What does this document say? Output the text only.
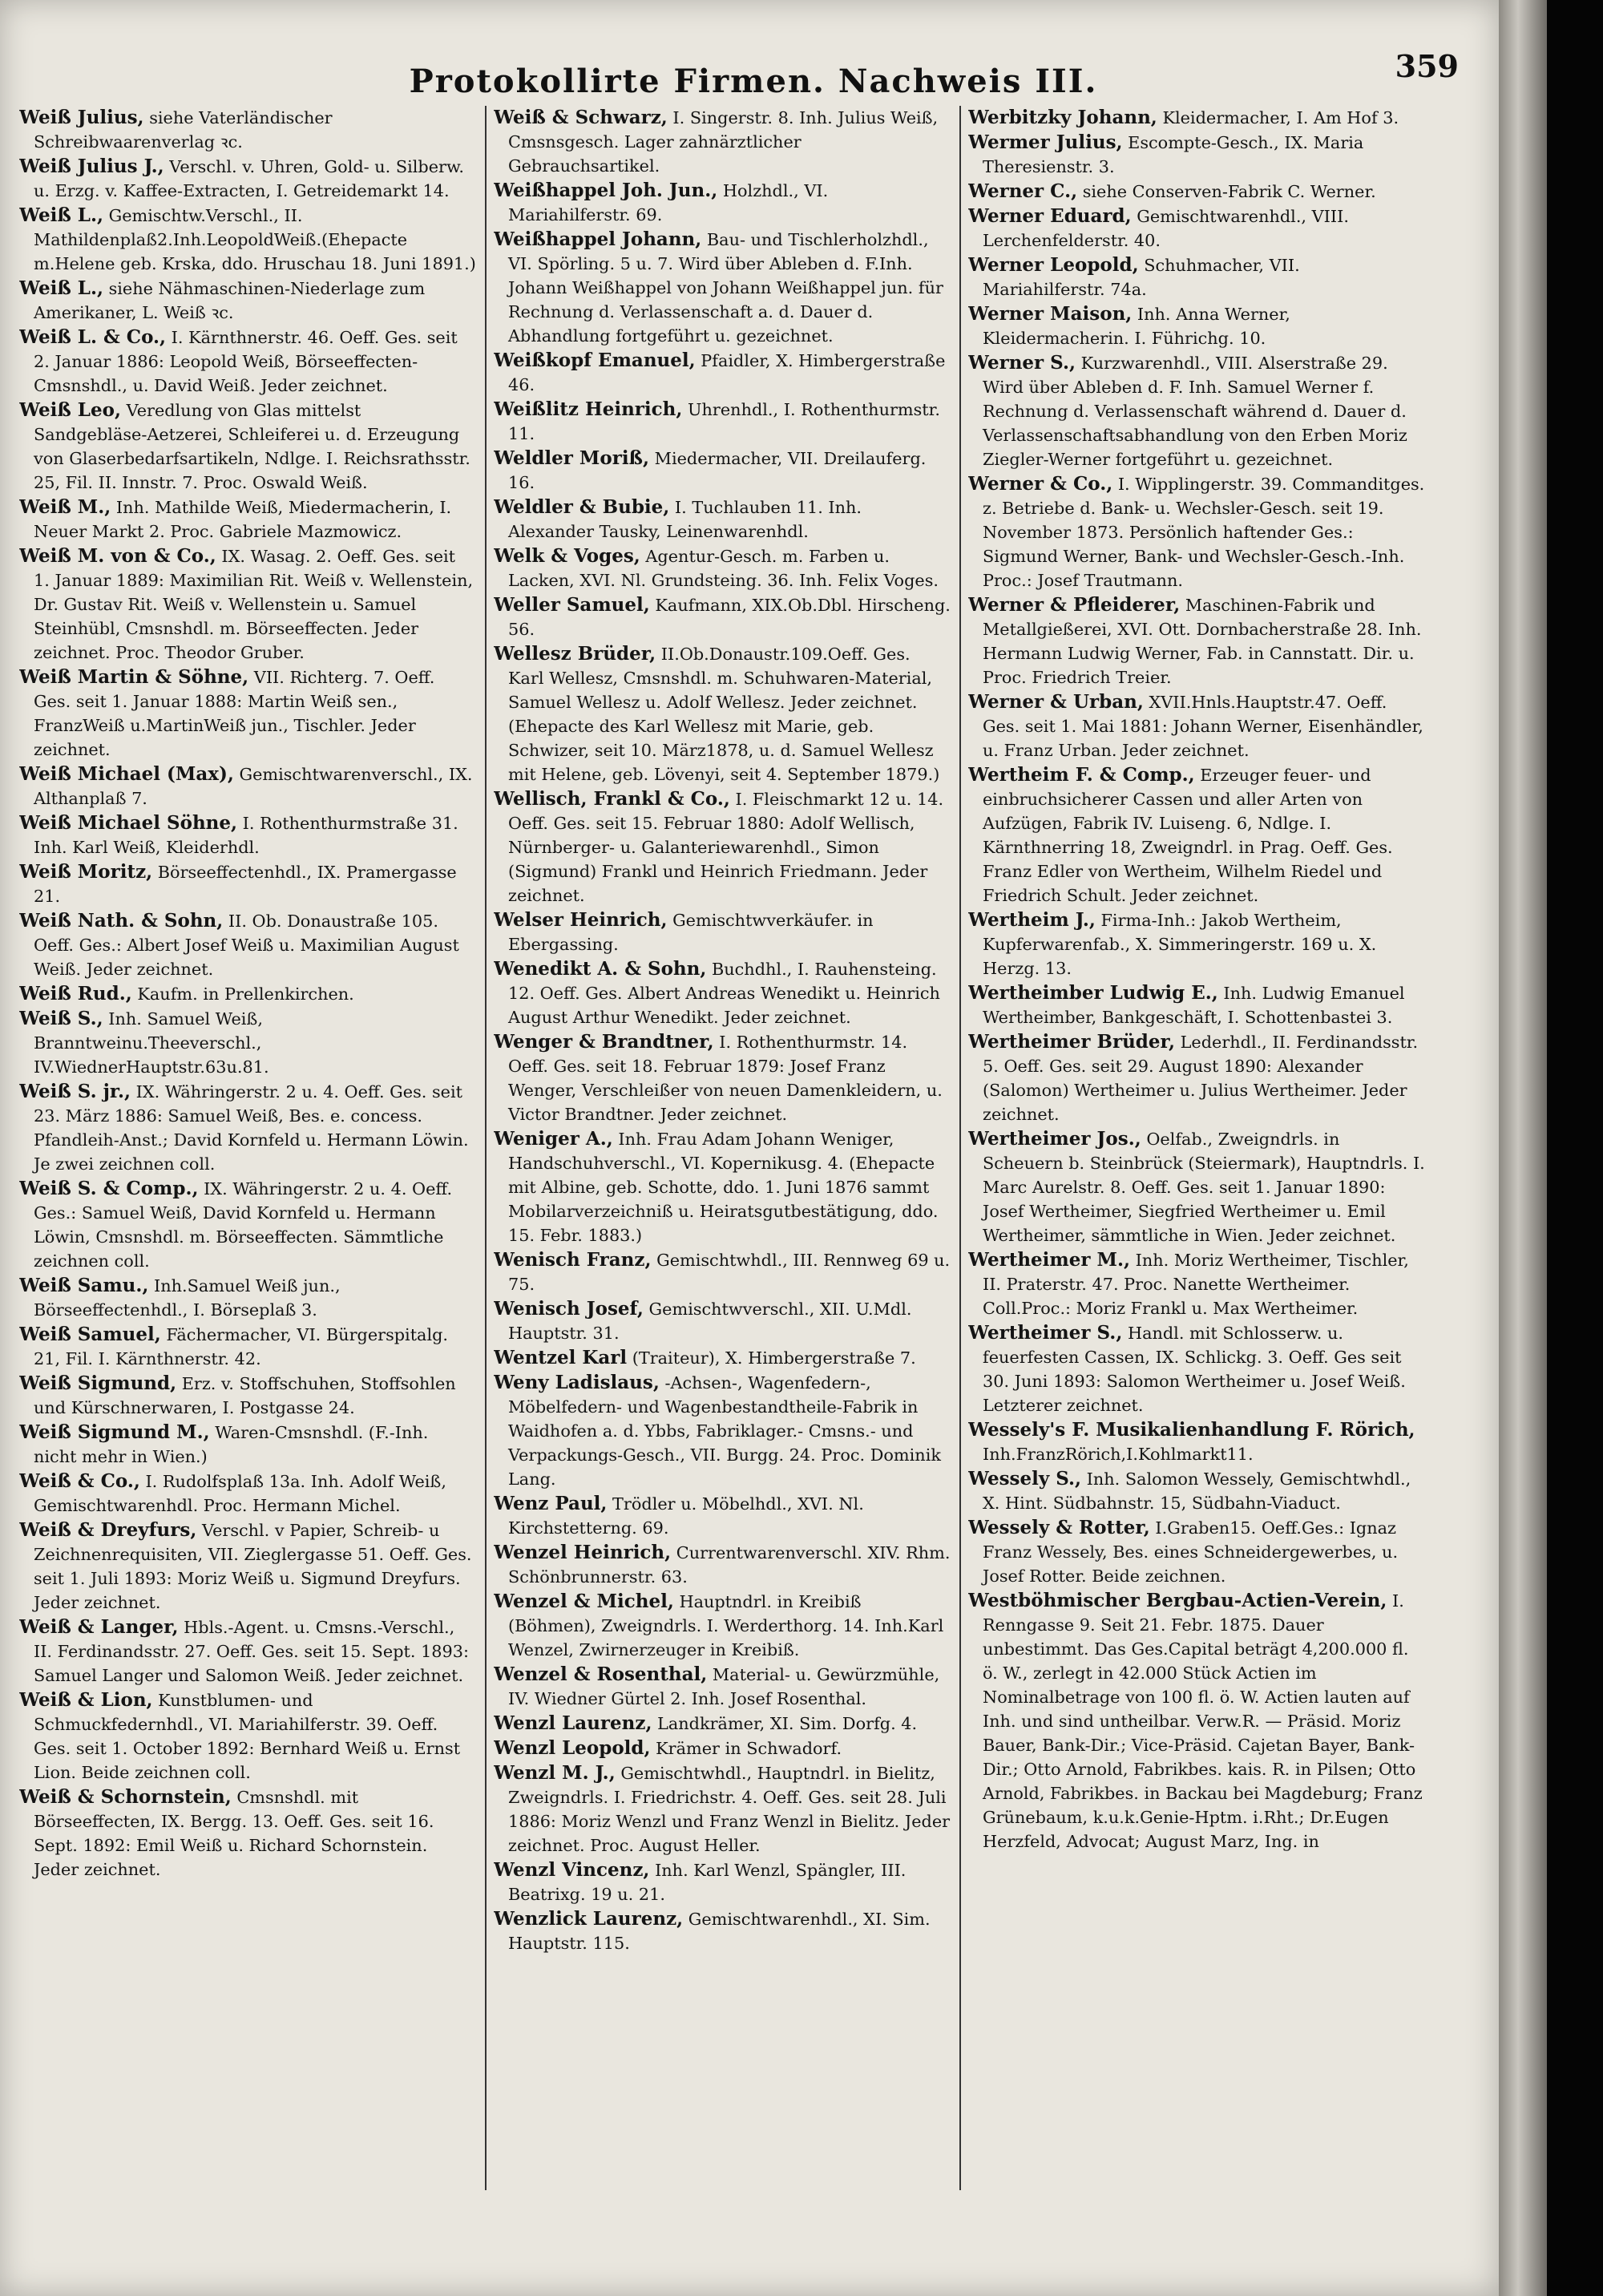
Protokollirte Firmen. Nachweis III.	359

Weiß Julius, siehe Vaterländischer Schreibwaarenverlag ꝛc.

Weiß Julius J., Verschl. v. Uhren, Gold- u. Silberw. u. Erzg. v. Kaffee-Extracten, I. Getreidemarkt 14.

Weiß L., Gemischtw.Verschl., II. Mathildenplaß2.Inh.LeopoldWeiß.(Ehepacte m.Helene geb. Krska, ddo. Hruschau 18. Juni 1891.)

Weiß L., siehe Nähmaschinen-Niederlage zum Amerikaner, L. Weiß ꝛc.

Weiß L. & Co., I. Kärnthnerstr. 46. Oeff. Ges. seit 2. Januar 1886: Leopold Weiß, Börseeffecten-Cmsnshdl., u. David Weiß. Jeder zeichnet.

Weiß Leo, Veredlung von Glas mittelst Sandgebläse-Aetzerei, Schleiferei u. d. Erzeugung von Glaserbedarfsartikeln, Ndlge. I. Reichsrathsstr. 25, Fil. II. Innstr. 7. Proc. Oswald Weiß.

Weiß M., Inh. Mathilde Weiß, Miedermacherin, I. Neuer Markt 2. Proc. Gabriele Mazmowicz.

Weiß M. von & Co., IX. Wasag. 2. Oeff. Ges. seit 1. Januar 1889: Maximilian Rit. Weiß v. Wellenstein, Dr. Gustav Rit. Weiß v. Wellenstein u. Samuel Steinhübl, Cmsnshdl. m. Börseeffecten. Jeder zeichnet. Proc. Theodor Gruber.

Weiß Martin & Söhne, VII. Richterg. 7. Oeff. Ges. seit 1. Januar 1888: Martin Weiß sen., FranzWeiß u.MartinWeiß jun., Tischler. Jeder zeichnet.

Weiß Michael (Max), Gemischtwarenverschl., IX. Althanplaß 7.

Weiß Michael Söhne, I. Rothenthurmstraße 31. Inh. Karl Weiß, Kleiderhdl.

Weiß Moritz, Börseeffectenhdl., IX. Pramergasse 21.

Weiß Nath. & Sohn, II. Ob. Donaustraße 105. Oeff. Ges.: Albert Josef Weiß u. Maximilian August Weiß. Jeder zeichnet.

Weiß Rud., Kaufm. in Prellenkirchen.

Weiß S., Inh. Samuel Weiß, Branntweinu.Theeverschl., IV.WiednerHauptstr.63u.81.

Weiß S. jr., IX. Währingerstr. 2 u. 4. Oeff. Ges. seit 23. März 1886: Samuel Weiß, Bes. e. concess. Pfandleih-Anst.; David Kornfeld u. Hermann Löwin. Je zwei zeichnen coll.

Weiß S. & Comp., IX. Währingerstr. 2 u. 4. Oeff. Ges.: Samuel Weiß, David Kornfeld u. Hermann Löwin, Cmsnshdl. m. Börseeffecten. Sämmtliche zeichnen coll.

Weiß Samu., Inh.Samuel Weiß jun., Börseeffectenhdl., I. Börseplaß 3.

Weiß Samuel, Fächermacher, VI. Bürgerspitalg. 21, Fil. I. Kärnthnerstr. 42.

Weiß Sigmund, Erz. v. Stoffschuhen, Stoffsohlen und Kürschnerwaren, I. Postgasse 24.

Weiß Sigmund M., Waren-Cmsnshdl. (F.-Inh. nicht mehr in Wien.)

Weiß & Co., I. Rudolfsplaß 13a. Inh. Adolf Weiß, Gemischtwarenhdl. Proc. Hermann Michel.

Weiß & Dreyfurs, Verschl. v Papier, Schreib- u Zeichnenrequisiten, VII. Zieglergasse 51. Oeff. Ges. seit 1. Juli 1893: Moriz Weiß u. Sigmund Dreyfurs. Jeder zeichnet.

Weiß & Langer, Hbls.-Agent. u. Cmsns.-Verschl., II. Ferdinandsstr. 27. Oeff. Ges. seit 15. Sept. 1893: Samuel Langer und Salomon Weiß. Jeder zeichnet.

Weiß & Lion, Kunstblumen- und Schmuckfedernhdl., VI. Mariahilferstr. 39. Oeff. Ges. seit 1. October 1892: Bernhard Weiß u. Ernst Lion. Beide zeichnen coll.

Weiß & Schornstein, Cmsnshdl. mit Börseeffecten, IX. Bergg. 13. Oeff. Ges. seit 16. Sept. 1892: Emil Weiß u. Richard Schornstein. Jeder zeichnet.

Weiß & Schwarz, I. Singerstr. 8. Inh. Julius Weiß, Cmsnsgesch. Lager zahnärztlicher Gebrauchsartikel.

Weißhappel Joh. Jun., Holzhdl., VI. Mariahilferstr. 69.

Weißhappel Johann, Bau- und Tischlerholzhdl., VI. Spörling. 5 u. 7. Wird über Ableben d. F.Inh. Johann Weißhappel von Johann Weißhappel jun. für Rechnung d. Verlassenschaft a. d. Dauer d. Abhandlung fortgeführt u. gezeichnet.

Weißkopf Emanuel, Pfaidler, X. Himbergerstraße 46.

Weißlitz Heinrich, Uhrenhdl., I. Rothenthurmstr. 11.

Weldler Moriß, Miedermacher, VII. Dreilauferg. 16.

Weldler & Bubie, I. Tuchlauben 11. Inh. Alexander Tausky, Leinenwarenhdl.

Welk & Voges, Agentur-Gesch. m. Farben u. Lacken, XVI. Nl. Grundsteing. 36. Inh. Felix Voges.

Weller Samuel, Kaufmann, XIX.Ob.Dbl. Hirscheng. 56.

Wellesz Brüder, II.Ob.Donaustr.109.Oeff. Ges. Karl Wellesz, Cmsnshdl. m. Schuhwaren-Material, Samuel Wellesz u. Adolf Wellesz. Jeder zeichnet. (Ehepacte des Karl Wellesz mit Marie, geb. Schwizer, seit 10. März1878, u. d. Samuel Wellesz mit Helene, geb. Lövenyi, seit 4. September 1879.)

Wellisch, Frankl & Co., I. Fleischmarkt 12 u. 14. Oeff. Ges. seit 15. Februar 1880: Adolf Wellisch, Nürnberger- u. Galanteriewarenhdl., Simon (Sigmund) Frankl und Heinrich Friedmann. Jeder zeichnet.

Welser Heinrich, Gemischtwverkäufer. in Ebergassing.

Wenedikt A. & Sohn, Buchdhl., I. Rauhensteing. 12. Oeff. Ges. Albert Andreas Wenedikt u. Heinrich August Arthur Wenedikt. Jeder zeichnet.

Wenger & Brandtner, I. Rothenthurmstr. 14. Oeff. Ges. seit 18. Februar 1879: Josef Franz Wenger, Verschleißer von neuen Damenkleidern, u. Victor Brandtner. Jeder zeichnet.

Weniger A., Inh. Frau Adam Johann Weniger, Handschuhverschl., VI. Kopernikusg. 4. (Ehepacte mit Albine, geb. Schotte, ddo. 1. Juni 1876 sammt Mobilarverzeichniß u. Heiratsgutbestätigung, ddo. 15. Febr. 1883.)

Wenisch Franz, Gemischtwhdl., III. Rennweg 69 u. 75.

Wenisch Josef, Gemischtwverschl., XII. U.Mdl. Hauptstr. 31.

Wentzel Karl (Traiteur), X. Himbergerstraße 7.

Weny Ladislaus, -Achsen-, Wagenfedern-, Möbelfedern- und Wagenbestandtheile-Fabrik in Waidhofen a. d. Ybbs, Fabriklager.- Cmsns.- und Verpackungs-Gesch., VII. Burgg. 24. Proc. Dominik Lang.

Wenz Paul, Trödler u. Möbelhdl., XVI. Nl. Kirchstetterng. 69.

Wenzel Heinrich, Currentwarenverschl. XIV. Rhm. Schönbrunnerstr. 63.

Wenzel & Michel, Hauptndrl. in Kreibiß (Böhmen), Zweigndrls. I. Werderthorg. 14. Inh.Karl Wenzel, Zwirnerzeuger in Kreibiß.

Wenzel & Rosenthal, Material- u. Gewürzmühle, IV. Wiedner Gürtel 2. Inh. Josef Rosenthal.

Wenzl Laurenz, Landkrämer, XI. Sim. Dorfg. 4.

Wenzl Leopold, Krämer in Schwadorf.

Wenzl M. J., Gemischtwhdl., Hauptndrl. in Bielitz, Zweigndrls. I. Friedrichstr. 4. Oeff. Ges. seit 28. Juli 1886: Moriz Wenzl und Franz Wenzl in Bielitz. Jeder zeichnet. Proc. August Heller.

Wenzl Vincenz, Inh. Karl Wenzl, Spängler, III. Beatrixg. 19 u. 21.

Wenzlick Laurenz, Gemischtwarenhdl., XI. Sim. Hauptstr. 115.

Werbitzky Johann, Kleidermacher, I. Am Hof 3.

Wermer Julius, Escompte-Gesch., IX. Maria Theresienstr. 3.

Werner C., siehe Conserven-Fabrik C. Werner.

Werner Eduard, Gemischtwarenhdl., VIII. Lerchenfelderstr. 40.

Werner Leopold, Schuhmacher, VII. Mariahilferstr. 74a.

Werner Maison, Inh. Anna Werner, Kleidermacherin. I. Führichg. 10.

Werner S., Kurzwarenhdl., VIII. Alserstraße 29. Wird über Ableben d. F. Inh. Samuel Werner f. Rechnung d. Verlassenschaft während d. Dauer d. Verlassenschaftsabhandlung von den Erben Moriz Ziegler-Werner fortgeführt u. gezeichnet.

Werner & Co., I. Wipplingerstr. 39. Commanditges. z. Betriebe d. Bank- u. Wechsler-Gesch. seit 19. November 1873. Persönlich haftender Ges.: Sigmund Werner, Bank- und Wechsler-Gesch.-Inh. Proc.: Josef Trautmann.

Werner & Pfleiderer, Maschinen-Fabrik und Metallgießerei, XVI. Ott. Dornbacherstraße 28. Inh. Hermann Ludwig Werner, Fab. in Cannstatt. Dir. u. Proc. Friedrich Treier.

Werner & Urban, XVII.Hnls.Hauptstr.47. Oeff. Ges. seit 1. Mai 1881: Johann Werner, Eisenhändler, u. Franz Urban. Jeder zeichnet.

Wertheim F. & Comp., Erzeuger feuer- und einbruchsicherer Cassen und aller Arten von Aufzügen, Fabrik IV. Luiseng. 6, Ndlge. I. Kärnthnerring 18, Zweigndrl. in Prag. Oeff. Ges. Franz Edler von Wertheim, Wilhelm Riedel und Friedrich Schult. Jeder zeichnet.

Wertheim J., Firma-Inh.: Jakob Wertheim, Kupferwarenfab., X. Simmeringerstr. 169 u. X. Herzg. 13.

Wertheimber Ludwig E., Inh. Ludwig Emanuel Wertheimber, Bankgeschäft, I. Schottenbastei 3.

Wertheimer Brüder, Lederhdl., II. Ferdinandsstr. 5. Oeff. Ges. seit 29. August 1890: Alexander (Salomon) Wertheimer u. Julius Wertheimer. Jeder zeichnet.

Wertheimer Jos., Oelfab., Zweigndrls. in Scheuern b. Steinbrück (Steiermark), Hauptndrls. I. Marc Aurelstr. 8. Oeff. Ges. seit 1. Januar 1890: Josef Wertheimer, Siegfried Wertheimer u. Emil Wertheimer, sämmtliche in Wien. Jeder zeichnet.

Wertheimer M., Inh. Moriz Wertheimer, Tischler, II. Praterstr. 47. Proc. Nanette Wertheimer. Coll.Proc.: Moriz Frankl u. Max Wertheimer.

Wertheimer S., Handl. mit Schlosserw. u. feuerfesten Cassen, IX. Schlickg. 3. Oeff. Ges seit 30. Juni 1893: Salomon Wertheimer u. Josef Weiß. Letzterer zeichnet.

Wessely's F. Musikalienhandlung F. Rörich, Inh.FranzRörich,I.Kohlmarkt11.

Wessely S., Inh. Salomon Wessely, Gemischtwhdl., X. Hint. Südbahnstr. 15, Südbahn-Viaduct.

Wessely & Rotter, I.Graben15. Oeff.Ges.: Ignaz Franz Wessely, Bes. eines Schneidergewerbes, u. Josef Rotter. Beide zeichnen.

Westböhmischer Bergbau-Actien-Verein, I. Renngasse 9. Seit 21. Febr. 1875. Dauer unbestimmt. Das Ges.Capital beträgt 4,200.000 fl. ö. W., zerlegt in 42.000 Stück Actien im Nominalbetrage von 100 fl. ö. W. Actien lauten auf Inh. und sind untheilbar. Verw.R. — Präsid. Moriz Bauer, Bank-Dir.; Vice-Präsid. Cajetan Bayer, Bank-Dir.; Otto Arnold, Fabrikbes. kais. R. in Pilsen; Otto Arnold, Fabrikbes. in Backau bei Magdeburg; Franz Grünebaum, k.u.k.Genie-Hptm. i.Rht.; Dr.Eugen Herzfeld, Advocat; August Marz, Ing. in
